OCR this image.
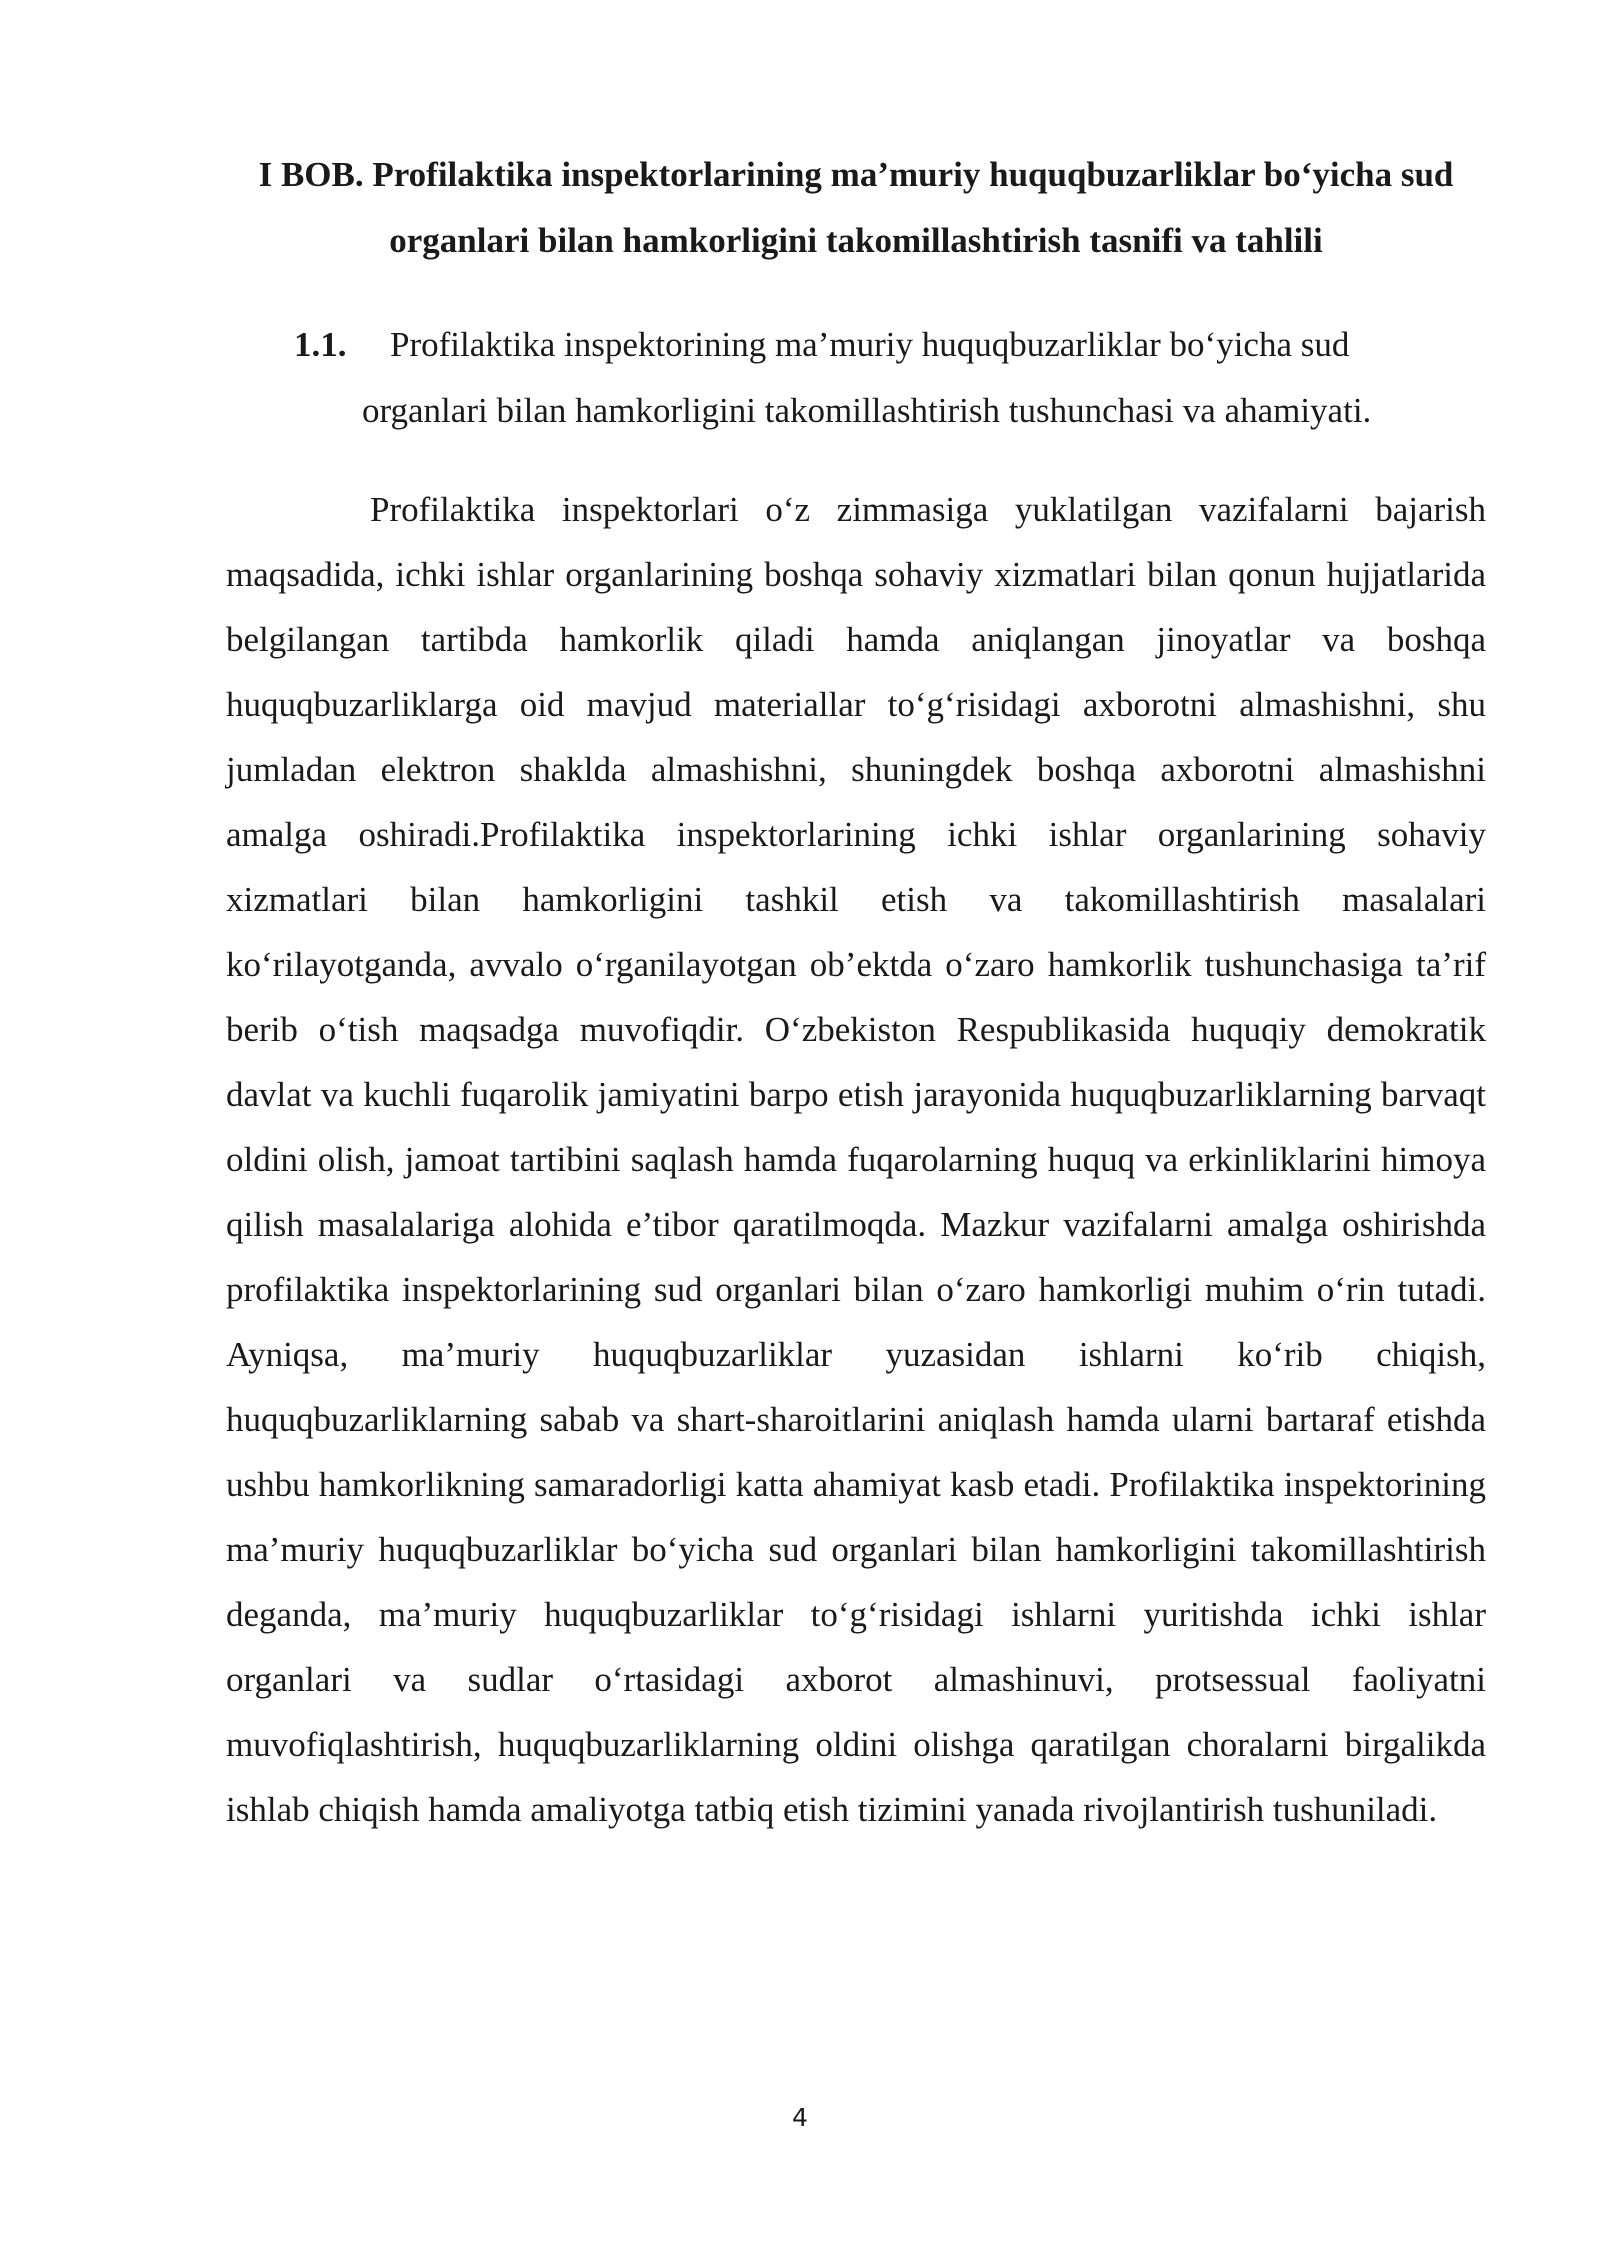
I BOB. Profilaktika inspektorlarining ma’muriy huquqbuzarliklar bo‘yicha sud organlari bilan hamkorligini takomillashtirish tasnifi va tahlili
1.1. Profilaktika inspektorining ma’muriy huquqbuzarliklar bo‘yicha sud
organlari bilan hamkorligini takomillashtirish tushunchasi va ahamiyati.

Profilaktika inspektorlari o‘z zimmasiga yuklatilgan vazifalarni bajarish maqsadida, ichki ishlar organlarining boshqa sohaviy xizmatlari bilan qonun hujjatlarida belgilangan tartibda hamkorlik qiladi hamda aniqlangan jinoyatlar va boshqa huquqbuzarliklarga oid mavjud materiallar to‘g‘risidagi axborotni almashishni, shu jumladan elektron shaklda almashishni, shuningdek boshqa axborotni almashishni amalga oshiradi.Profilaktika inspektorlarining ichki ishlar organlarining sohaviy xizmatlari bilan hamkorligini tashkil etish va takomillashtirish masalalari ko‘rilayotganda, avvalo o‘rganilayotgan ob’ektda o‘zaro hamkorlik tushunchasiga ta’rif berib o‘tish maqsadga muvofiqdir. O‘zbekiston Respublikasida huquqiy demokratik davlat va kuchli fuqarolik jamiyatini barpo etish jarayonida huquqbuzarliklarning barvaqt oldini olish, jamoat tartibini saqlash hamda fuqarolarning huquq va erkinliklarini himoya qilish masalalariga alohida e’tibor qaratilmoqda. Mazkur vazifalarni amalga oshirishda profilaktika inspektorlarining sud organlari bilan o‘zaro hamkorligi muhim o‘rin tutadi. Ayniqsa, ma’muriy huquqbuzarliklar yuzasidan ishlarni ko‘rib chiqish, huquqbuzarliklarning sabab va shart-sharoitlarini aniqlash hamda ularni bartaraf etishda ushbu hamkorlikning samaradorligi katta ahamiyat kasb etadi. Profilaktika inspektorining ma’muriy huquqbuzarliklar bo‘yicha sud organlari bilan hamkorligini takomillashtirish deganda, ma’muriy huquqbuzarliklar to‘g‘risidagi ishlarni yuritishda ichki ishlar organlari va sudlar o‘rtasidagi axborot almashinuvi, protsessual faoliyatni muvofiqlashtirish, huquqbuzarliklarning oldini olishga qaratilgan choralarni birgalikda ishlab chiqish hamda amaliyotga tatbiq etish tizimini yanada rivojlantirish tushuniladi.

4
